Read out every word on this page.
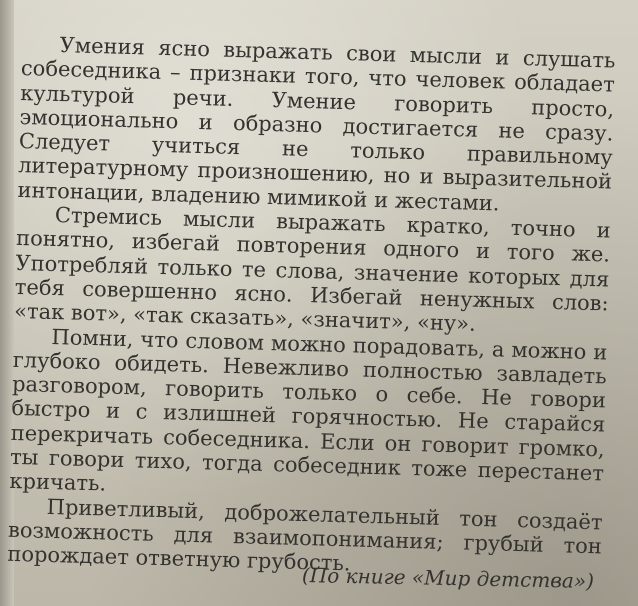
Умения ясно выражать свои мысли и слушать собеседника – признаки того, что человек обладает культурой речи. Умение говорить просто, эмоционально и образно достигается не сразу. Следует учиться не только правильному литературному произношению, но и выразительной интонации, владению мимикой и жестами.

Стремись мысли выражать кратко, точно и понятно, избегай повторения одного и того же. Употребляй только те слова, значение которых для тебя совершенно ясно. Избегай ненужных слов: «так вот», «так сказать», «значит», «ну».

Помни, что словом можно порадовать, а можно и глубоко обидеть. Невежливо полностью завладеть разговором, говорить только о себе. Не говори быстро и с излишней горячностью. Не старайся перекричать собеседника. Если он говорит громко, ты говори тихо, тогда собеседник тоже перестанет кричать.

Приветливый, доброжелательный тон создаёт возможность для взаимопонимания; грубый тон порождает ответную грубость.

(По книге «Мир детства»)
